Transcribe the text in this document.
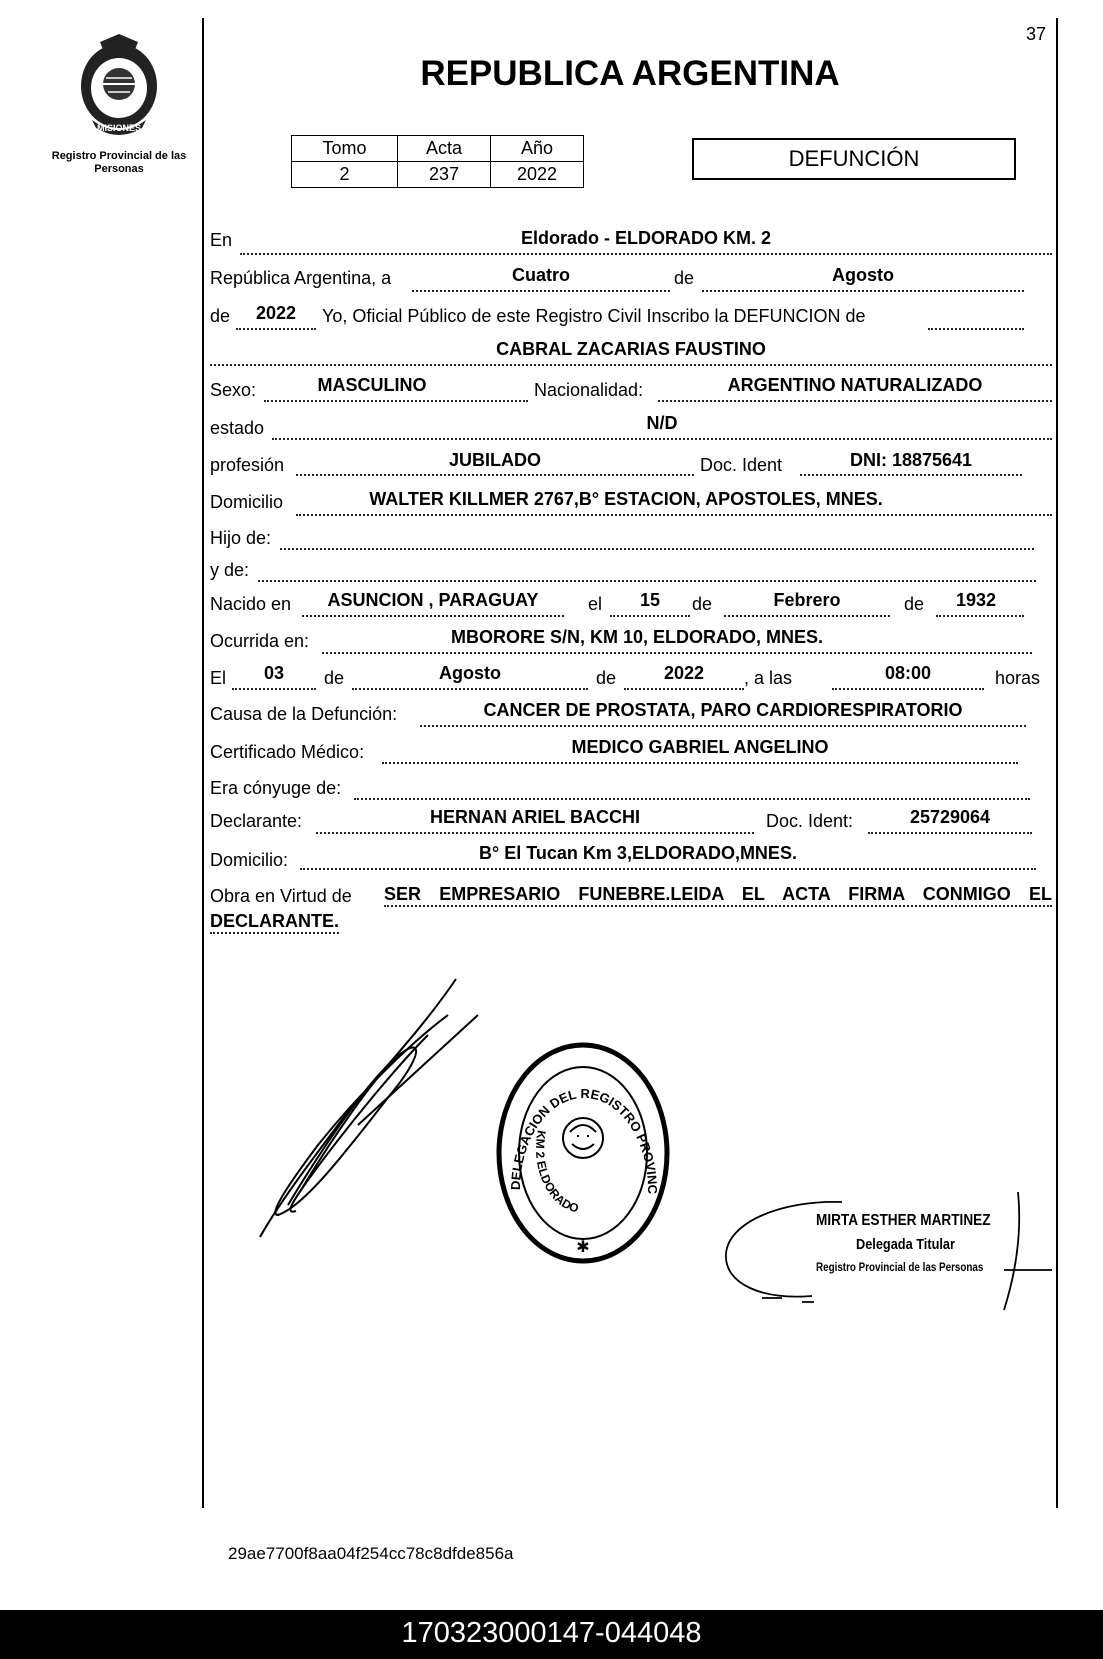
37
MISIONES
Registro Provincial de las Personas
REPUBLICA ARGENTINA
Tomo	Acta	Año
2	237	2022
DEFUNCIÓN
En	Eldorado - ELDORADO KM. 2
República Argentina, a	Cuatro	de	Agosto
de	2022	Yo, Oficial Público de este Registro Civil Inscribo la DEFUNCION de
CABRAL ZACARIAS FAUSTINO
Sexo:	MASCULINO	Nacionalidad:	ARGENTINO NATURALIZADO
estado	N/D
profesión	JUBILADO	Doc. Ident	DNI: 18875641
Domicilio	WALTER KILLMER 2767,B° ESTACION, APOSTOLES, MNES.
Hijo de:
y de:
Nacido en	ASUNCION , PARAGUAY	el	15	de	Febrero	de	1932
Ocurrida en:	MBORORE S/N, KM 10, ELDORADO, MNES.
El	03	de	Agosto	de	2022	, a las	08:00	horas
Causa de la Defunción:	CANCER DE PROSTATA, PARO CARDIORESPIRATORIO
Certificado Médico:	MEDICO GABRIEL ANGELINO
Era cónyuge de:
Declarante:	HERNAN ARIEL BACCHI	Doc. Ident:	25729064
Domicilio:	B° El Tucan Km 3,ELDORADO,MNES.
Obra en Virtud de SER EMPRESARIO FUNEBRE.LEIDA EL ACTA FIRMA CONMIGO EL
DECLARANTE.
DELEGACION DEL REGISTRO PROVINC
KM 2 ELDORADO
✱
MIRTA ESTHER MARTINEZ
Delegada Titular
Registro Provincial de las Personas
29ae7700f8aa04f254cc78c8dfde856a
170323000147-044048
